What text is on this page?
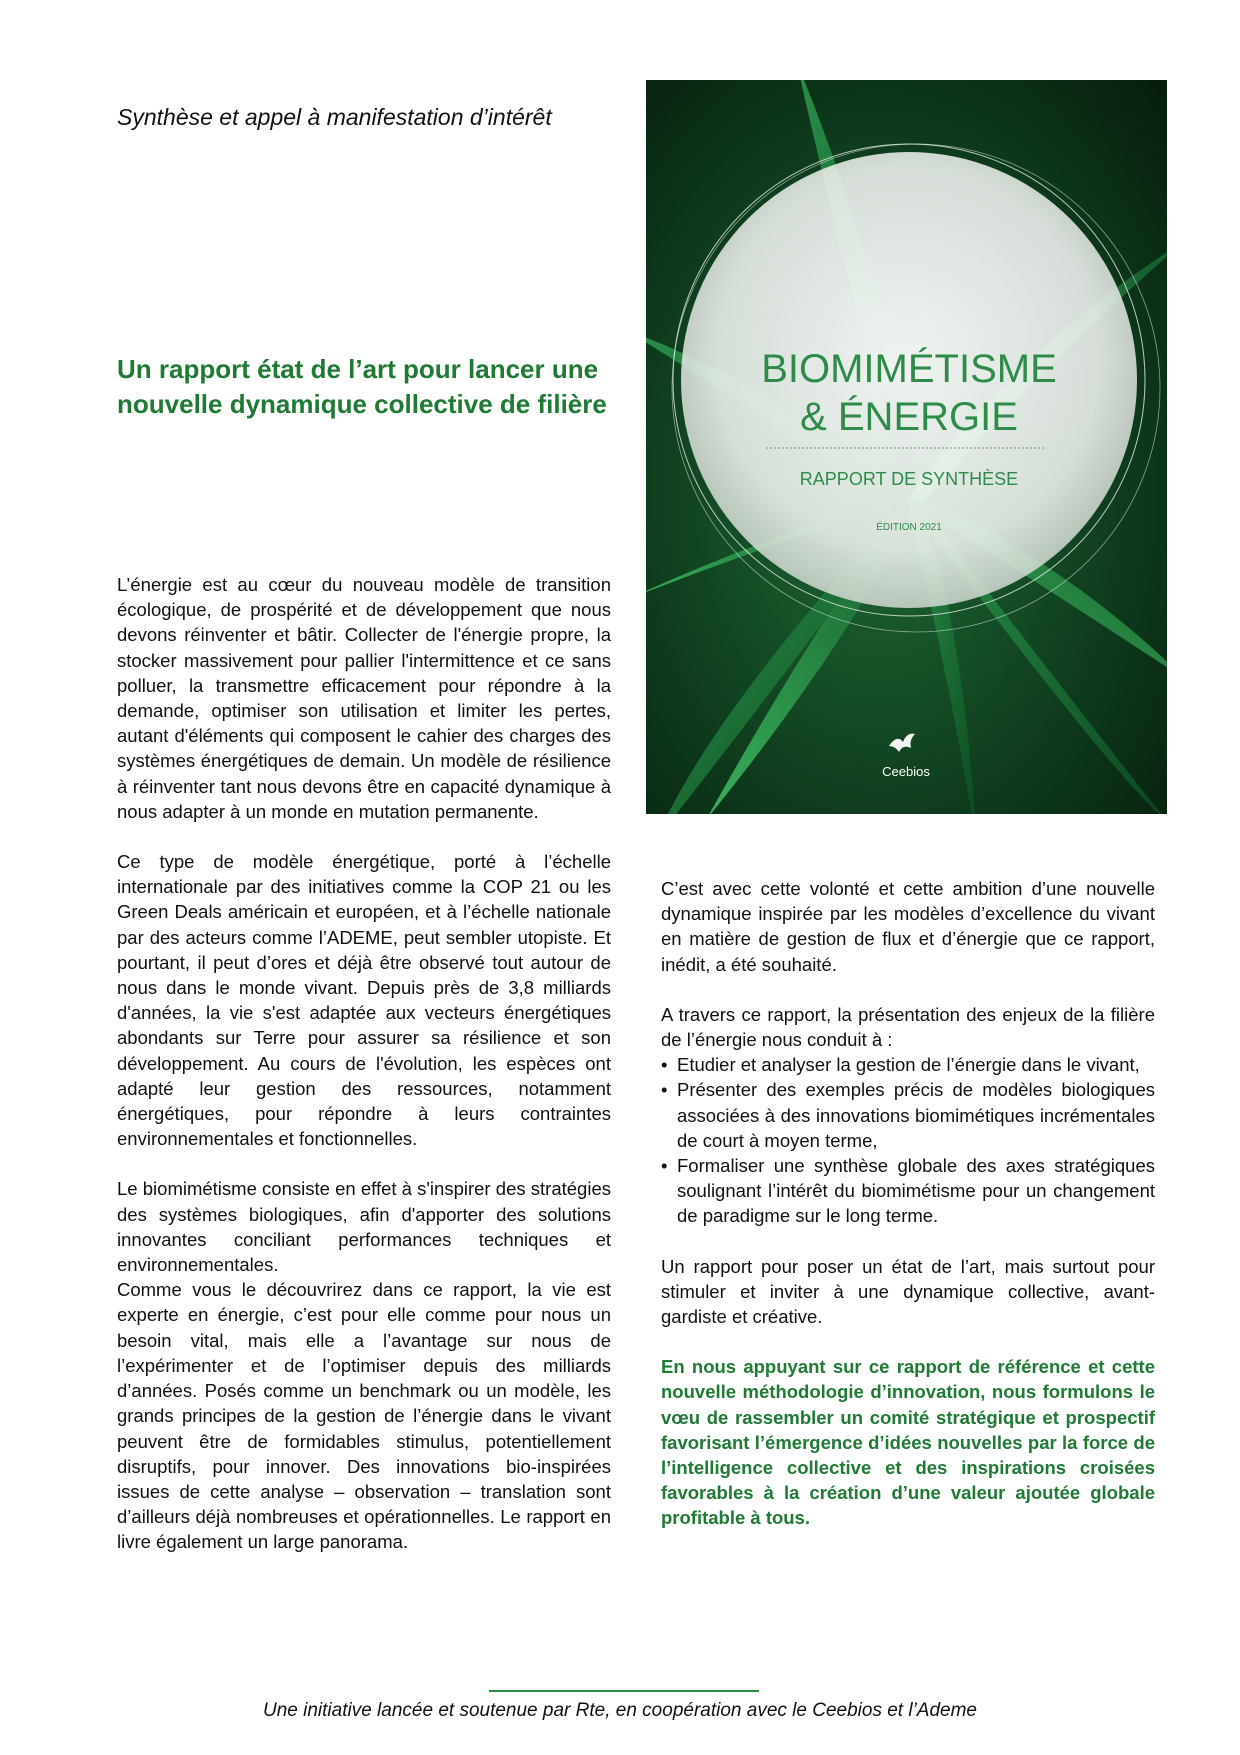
Synthèse et appel à manifestation d’intérêt
Un rapport état de l’art pour lancer une nouvelle dynamique collective de filière
BIOMIMÉTISME
& ÉNERGIE
RAPPORT DE SYNTHÈSE
ÉDITION 2021
Ceebios

L’énergie est au cœur du nouveau modèle de transition écologique, de prospérité et de développement que nous devons réinventer et bâtir. Collecter de l'énergie propre, la stocker massivement pour pallier l'intermittence et ce sans polluer, la transmettre efficacement pour répondre à la demande, optimiser son utilisation et limiter les pertes, autant d'éléments qui composent le cahier des charges des systèmes énergétiques de demain. Un modèle de résilience à réinventer tant nous devons être en capacité dynamique à nous adapter à un monde en mutation permanente.

Ce type de modèle énergétique, porté à l’échelle internationale par des initiatives comme la COP 21 ou les Green Deals américain et européen, et à l’échelle nationale par des acteurs comme l’ADEME, peut sembler utopiste. Et pourtant, il peut d’ores et déjà être observé tout autour de nous dans le monde vivant. Depuis près de 3,8 milliards d'années, la vie s'est adaptée aux vecteurs énergétiques abondants sur Terre pour assurer sa résilience et son développement. Au cours de l'évolution, les espèces ont adapté leur gestion des ressources, notamment énergétiques, pour répondre à leurs contraintes environnementales et fonctionnelles.

Le biomimétisme consiste en effet à s'inspirer des stratégies des systèmes biologiques, afin d'apporter des solutions innovantes conciliant performances techniques et environnementales.

Comme vous le découvrirez dans ce rapport, la vie est experte en énergie, c’est pour elle comme pour nous un besoin vital, mais elle a l’avantage sur nous de l’expérimenter et de l’optimiser depuis des milliards d’années. Posés comme un benchmark ou un modèle, les grands principes de la gestion de l’énergie dans le vivant peuvent être de formidables stimulus, potentiellement disruptifs, pour innover. Des innovations bio-inspirées issues de cette analyse – observation – translation sont d’ailleurs déjà nombreuses et opérationnelles. Le rapport en livre également un large panorama.

C’est avec cette volonté et cette ambition d’une nouvelle dynamique inspirée par les modèles d’excellence du vivant en matière de gestion de flux et d’énergie que ce rapport, inédit, a été souhaité.

A travers ce rapport, la présentation des enjeux de la filière de l’énergie nous conduit à :

• Etudier et analyser la gestion de l’énergie dans le vivant,
• Présenter des exemples précis de modèles biologiques associées à des innovations biomimétiques incrémentales de court à moyen terme,
• Formaliser une synthèse globale des axes stratégiques soulignant l’intérêt du biomimétisme pour un changement de paradigme sur le long terme.

Un rapport pour poser un état de l’art, mais surtout pour stimuler et inviter à une dynamique collective, avant-gardiste et créative.

En nous appuyant sur ce rapport de référence et cette nouvelle méthodologie d’innovation, nous formulons le vœu de rassembler un comité stratégique et prospectif favorisant l’émergence d’idées nouvelles par la force de l’intelligence collective et des inspirations croisées favorables à la création d’une valeur ajoutée globale profitable à tous.

Une initiative lancée et soutenue par Rte, en coopération avec le Ceebios et l’Ademe
